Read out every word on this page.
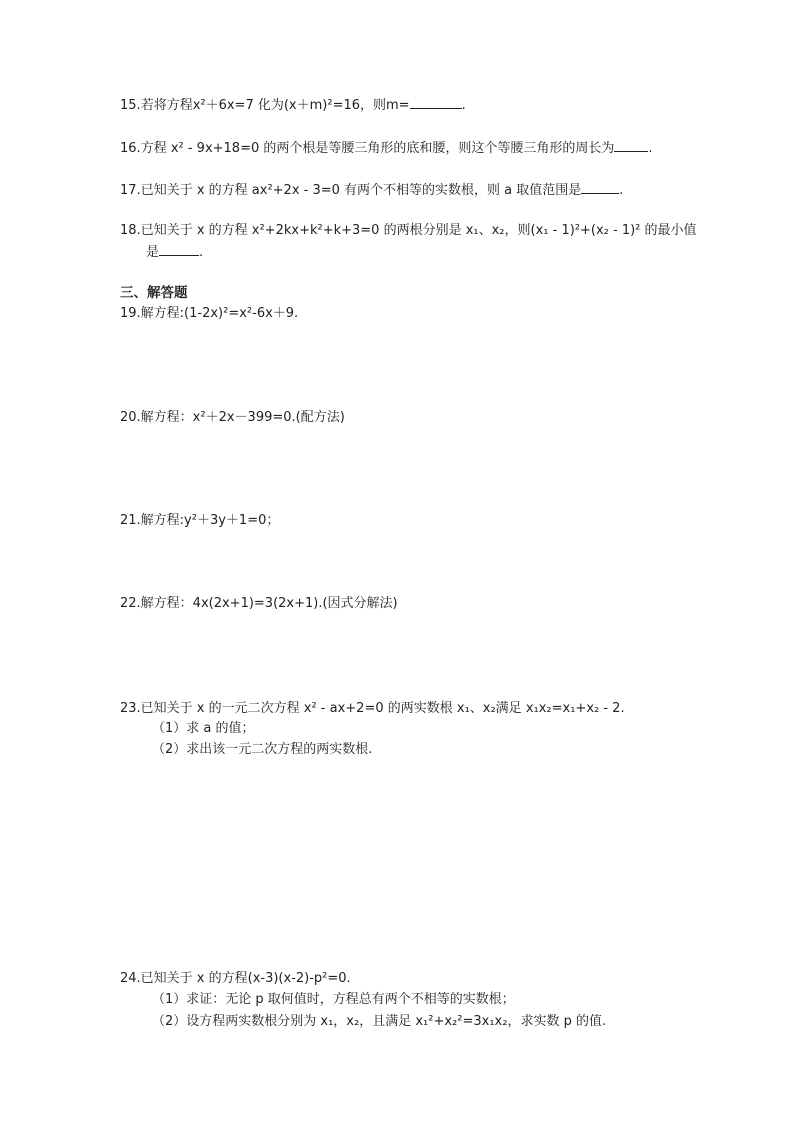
15.若将方程x²＋6x=7 化为(x＋m)²=16，则m=	.
16.方程 x² - 9x+18=0 的两个根是等腰三角形的底和腰，则这个等腰三角形的周长为	.
17.已知关于 x 的方程 ax²+2x - 3=0 有两个不相等的实数根，则 a 取值范围是	.
18.已知关于 x 的方程 x²+2kx+k²+k+3=0 的两根分别是 x₁、x₂，则(x₁ - 1)²+(x₂ - 1)² 的最小值
是	.
三、解答题
19.解方程:(1-2x)²=x²-6x＋9.
20.解方程：x²＋2x－399=0.(配方法)
21.解方程:y²＋3y＋1=0；
22.解方程：4x(2x+1)=3(2x+1).(因式分解法)
23.已知关于 x 的一元二次方程 x² - ax+2=0 的两实数根 x₁、x₂满足 x₁x₂=x₁+x₂ - 2.
（1）求 a 的值；
（2）求出该一元二次方程的两实数根.
24.已知关于 x 的方程(x-3)(x-2)-p²=0.
（1）求证：无论 p 取何值时，方程总有两个不相等的实数根；
（2）设方程两实数根分别为 x₁，x₂，且满足 x₁²+x₂²=3x₁x₂，求实数 p 的值.
